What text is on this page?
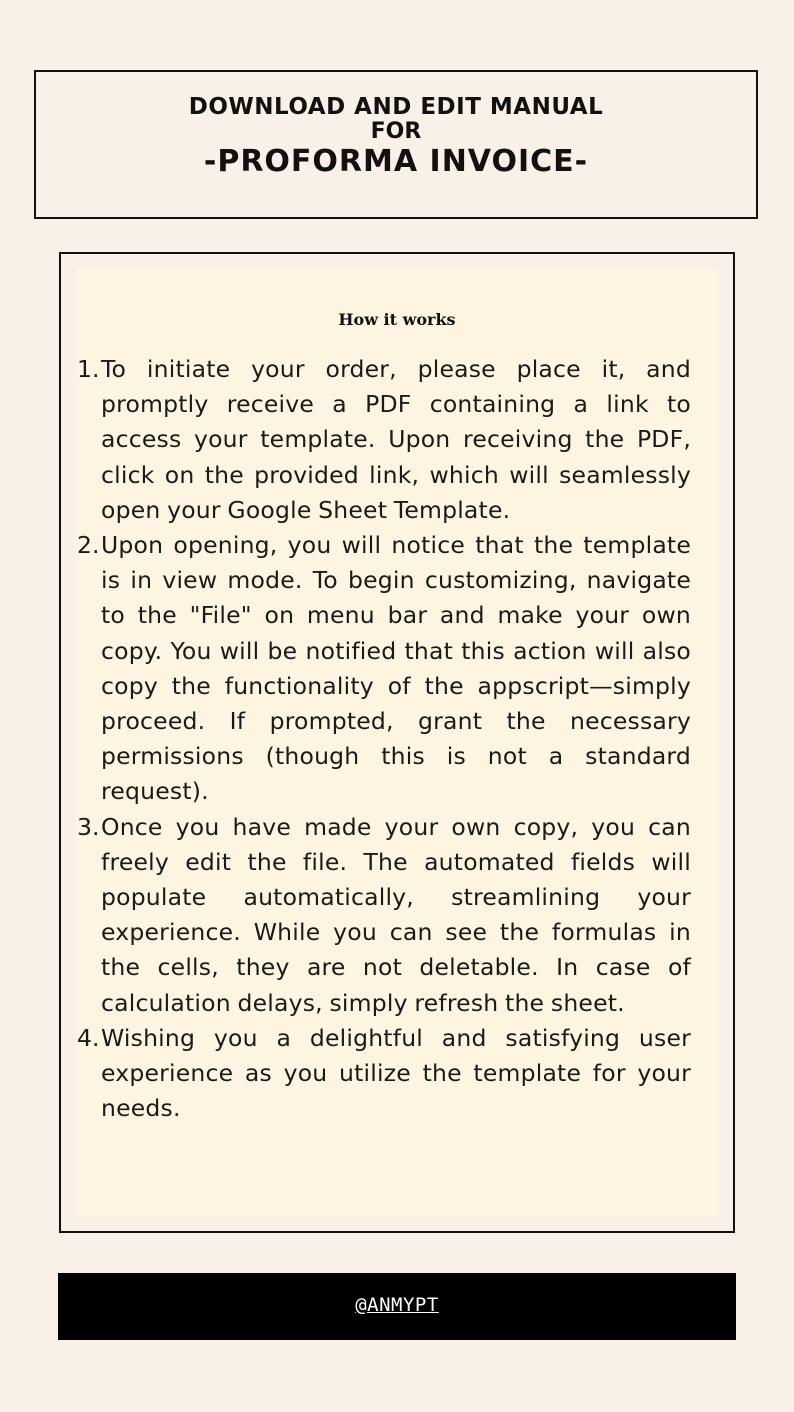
DOWNLOAD AND EDIT MANUAL
FOR
-PROFORMA INVOICE-
How it works
1. To initiate your order, please place it, and promptly receive a PDF containing a link to access your template. Upon receiving the PDF, click on the provided link, which will seamlessly open your Google Sheet Template.
2. Upon opening, you will notice that the template is in view mode. To begin customizing, navigate to the "File" on menu bar and make your own copy. You will be notified that this action will also copy the functionality of the appscript—simply proceed. If prompted, grant the necessary permissions (though this is not a standard request).
3. Once you have made your own copy, you can freely edit the file. The automated fields will populate automatically, streamlining your experience. While you can see the formulas in the cells, they are not deletable. In case of calculation delays, simply refresh the sheet.
4. Wishing you a delightful and satisfying user experience as you utilize the template for your needs.
@ANMYPT
